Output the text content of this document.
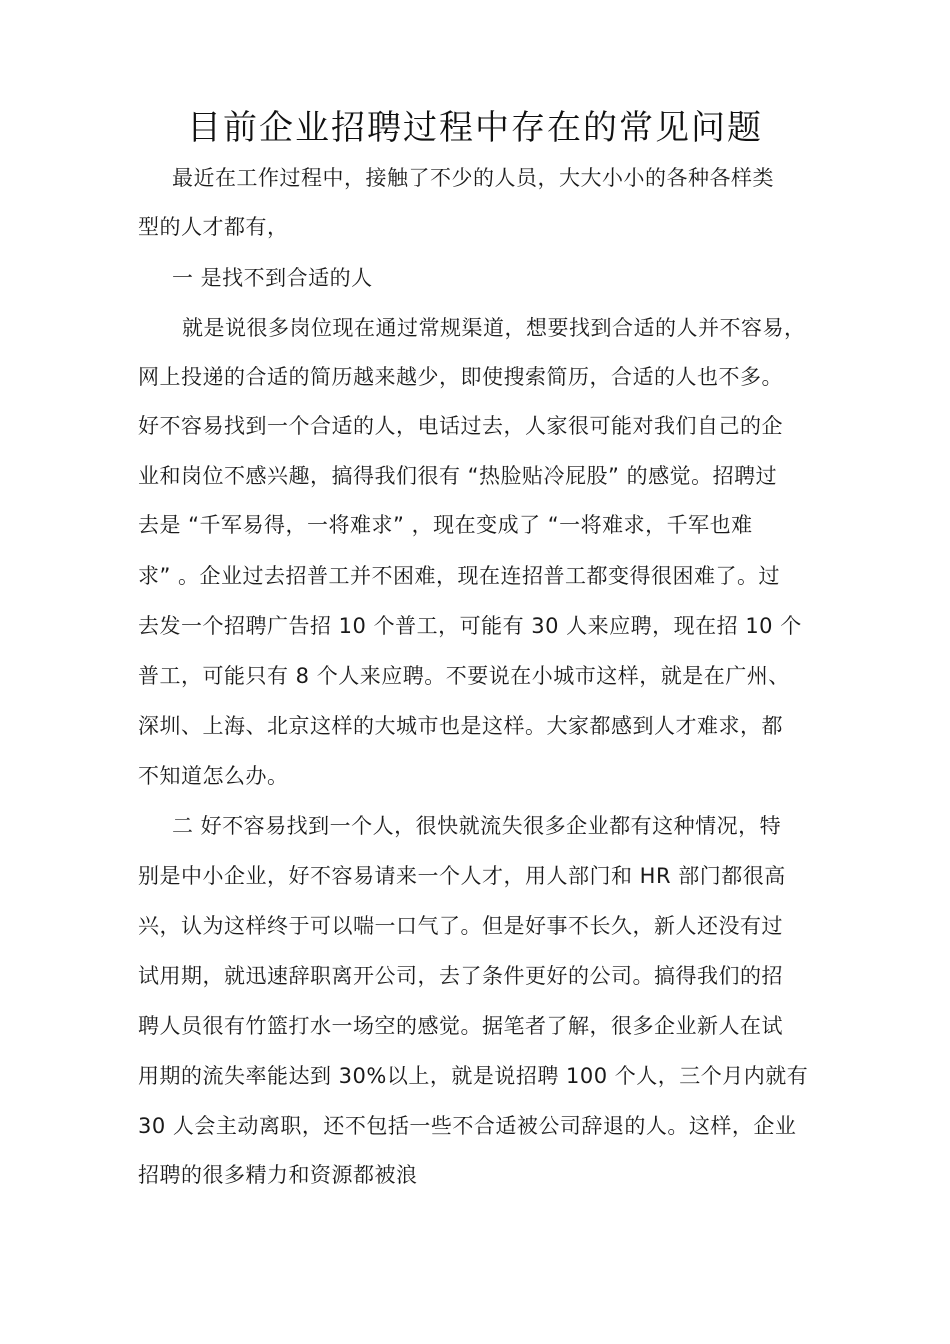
目前企业招聘过程中存在的常见问题

最近在工作过程中，接触了不少的人员，大大小小的各种各样类

型的人才都有，

一 是找不到合适的人

就是说很多岗位现在通过常规渠道，想要找到合适的人并不容易，

网上投递的合适的简历越来越少，即使搜索简历，合适的人也不多。

好不容易找到一个合适的人，电话过去，人家很可能对我们自己的企

业和岗位不感兴趣，搞得我们很有 “热脸贴冷屁股” 的感觉。招聘过

去是 “千军易得，一将难求” ，现在变成了 “一将难求，千军也难

求” 。企业过去招普工并不困难，现在连招普工都变得很困难了。过

去发一个招聘广告招 10 个普工，可能有 30 人来应聘，现在招 10 个

普工，可能只有 8 个人来应聘。不要说在小城市这样，就是在广州、

深圳、上海、北京这样的大城市也是这样。大家都感到人才难求，都

不知道怎么办。

二 好不容易找到一个人，很快就流失很多企业都有这种情况，特

别是中小企业，好不容易请来一个人才，用人部门和 HR 部门都很高

兴，认为这样终于可以喘一口气了。但是好事不长久，新人还没有过

试用期，就迅速辞职离开公司，去了条件更好的公司。搞得我们的招

聘人员很有竹篮打水一场空的感觉。据笔者了解，很多企业新人在试

用期的流失率能达到 30%以上，就是说招聘 100 个人，三个月内就有

30 人会主动离职，还不包括一些不合适被公司辞退的人。这样，企业

招聘的很多精力和资源都被浪
